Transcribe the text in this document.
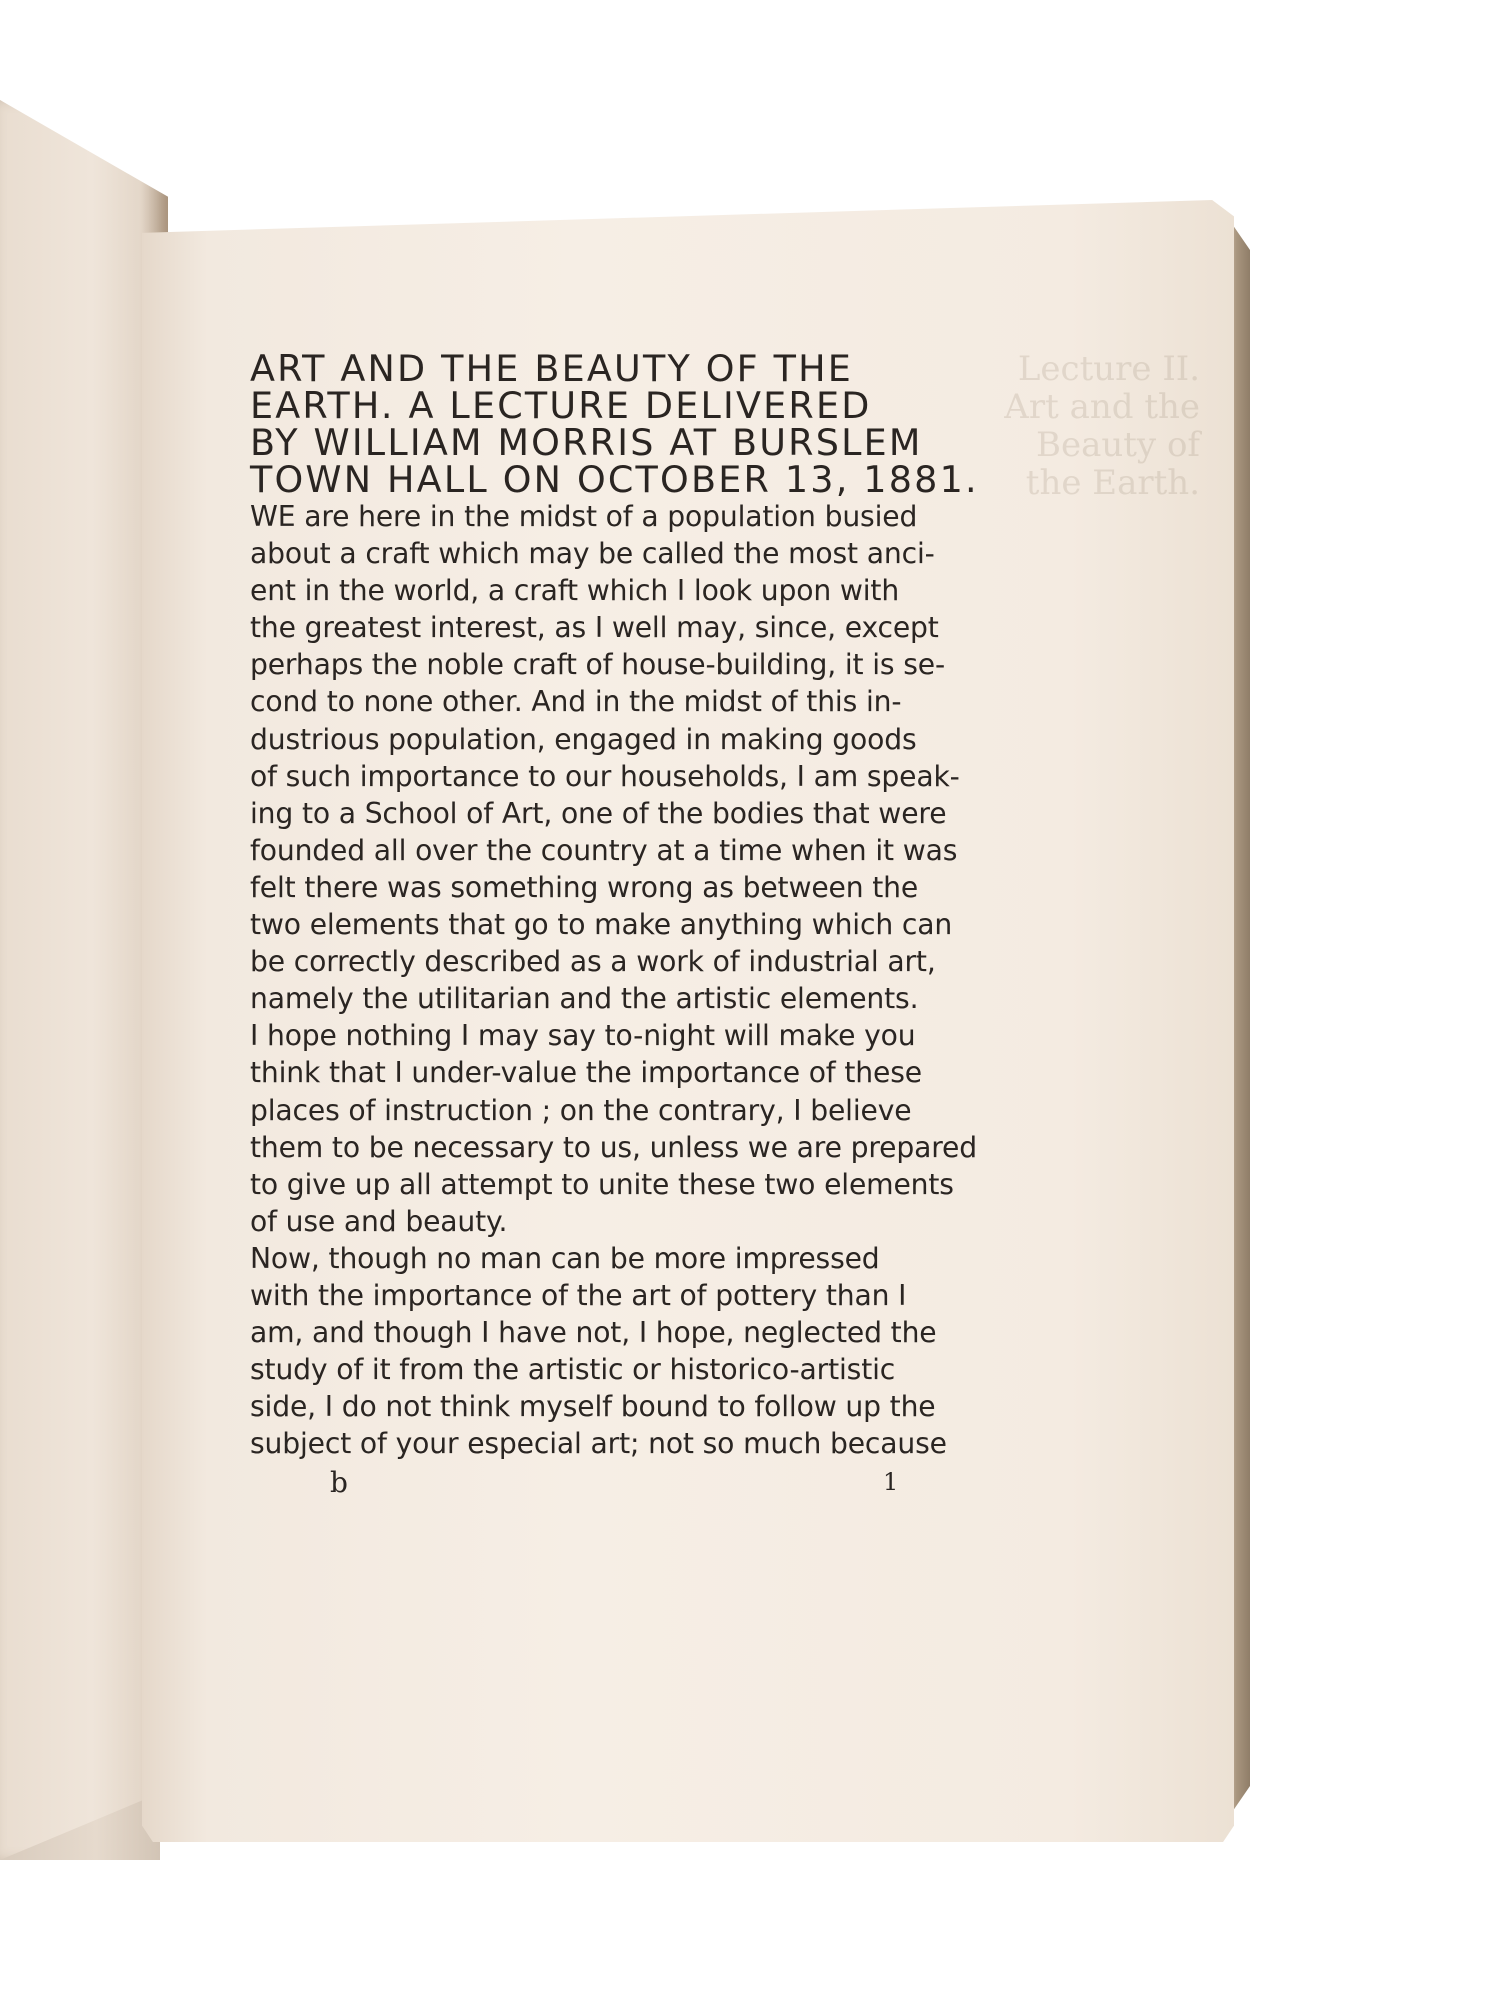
Lecture II.
Art and the
Beauty of
the Earth.
ART AND THE BEAUTY OF THE
EARTH. A LECTURE DELIVERED
BY WILLIAM MORRIS AT BURSLEM
TOWN HALL ON OCTOBER 13, 1881.

WE are here in the midst of a population busied
about a craft which may be called the most anci-
ent in the world, a craft which I look upon with
the greatest interest, as I well may, since, except
perhaps the noble craft of house-building, it is se-
cond to none other. And in the midst of this in-
dustrious population, engaged in making goods
of such importance to our households, I am speak-
ing to a School of Art, one of the bodies that were
founded all over the country at a time when it was
felt there was something wrong as between the
two elements that go to make anything which can
be correctly described as a work of industrial art,
namely the utilitarian and the artistic elements.
I hope nothing I may say to-night will make you
think that I under-value the importance of these
places of instruction ; on the contrary, I believe
them to be necessary to us, unless we are prepared
to give up all attempt to unite these two elements
of use and beauty.

Now, though no man can be more impressed
with the importance of the art of pottery than I
am, and though I have not, I hope, neglected the
study of it from the artistic or historico-artistic
side, I do not think myself bound to follow up the
subject of your especial art; not so much because

b	1
